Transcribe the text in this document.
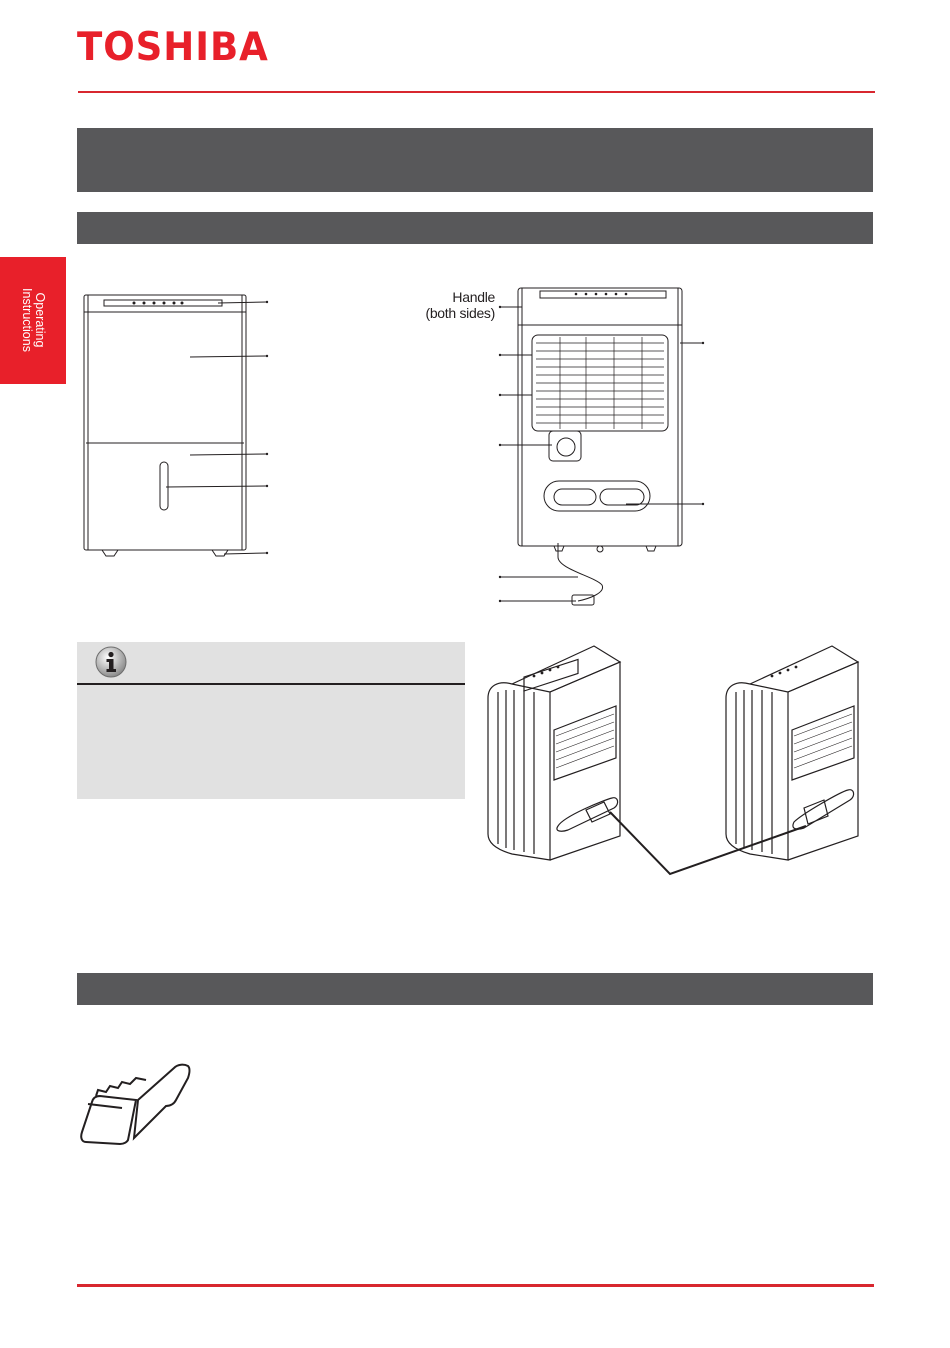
TOSHIBA
Operating
Instructions	Handle
(both sides)
